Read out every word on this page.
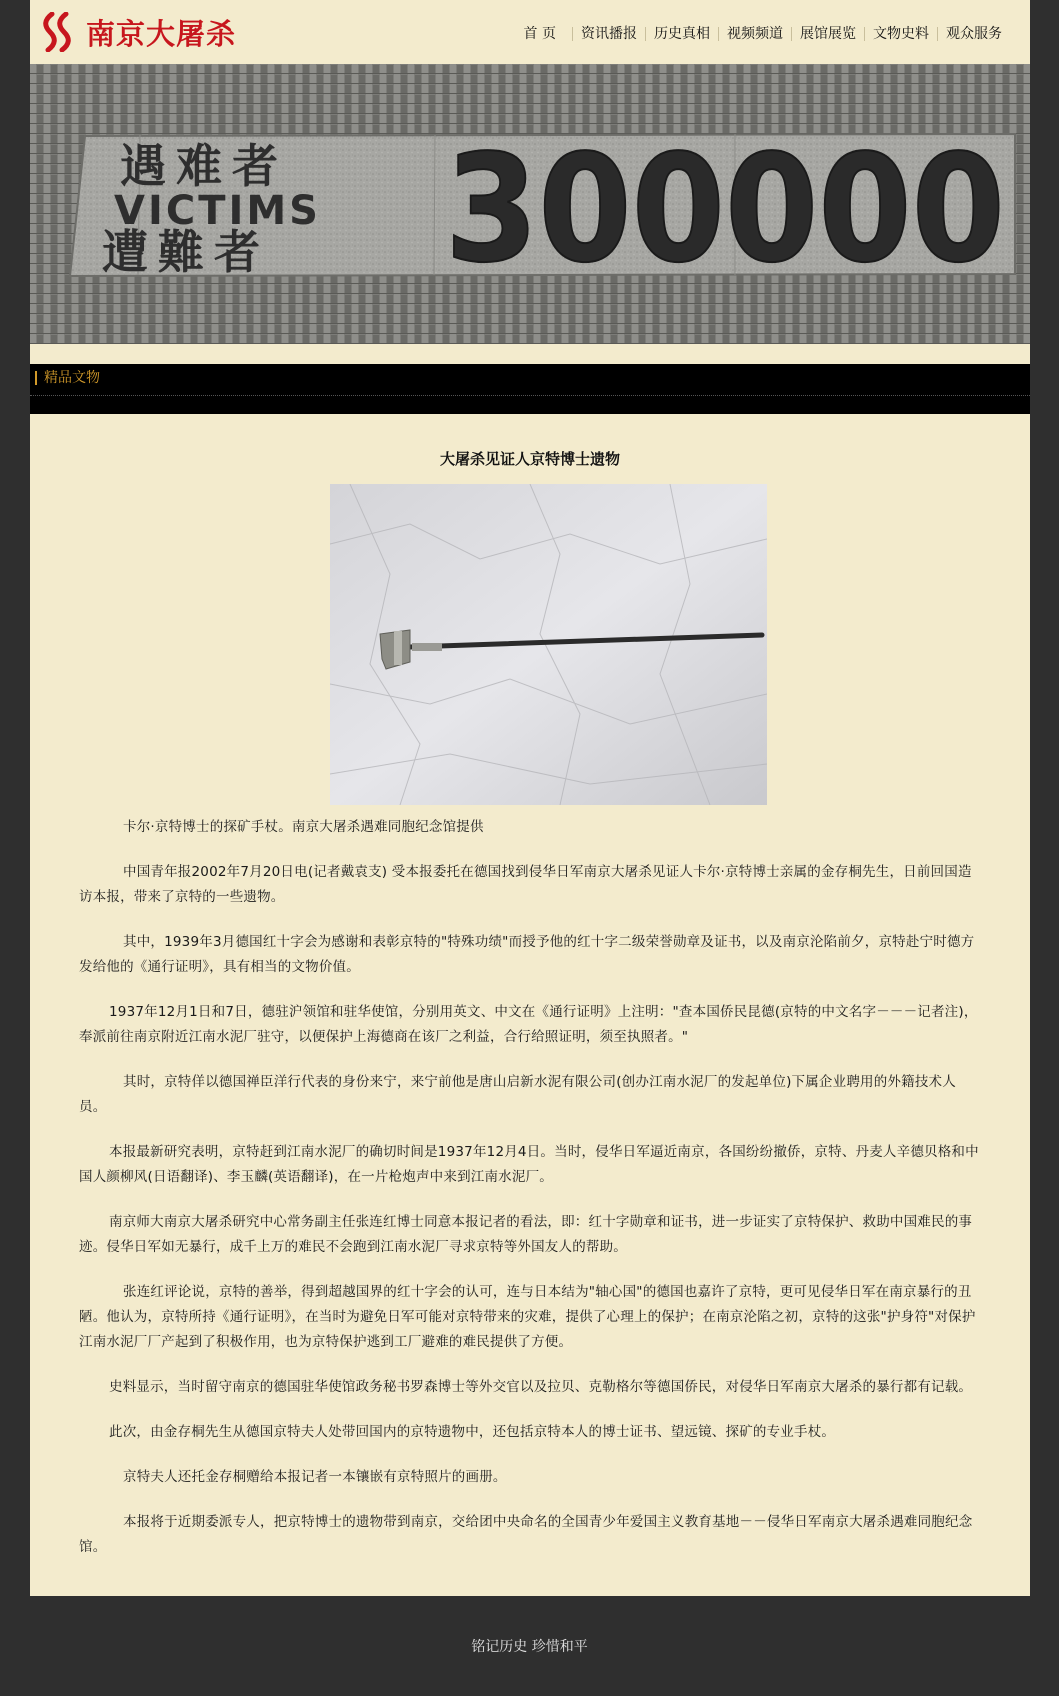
南京大屠杀	首 页	资讯播报	历史真相	视频频道	展馆展览	文物史料	观众服务
遇难者
VICTIMS
遭難者 300000
精品文物
大屠杀见证人京特博士遗物

卡尔·京特博士的探矿手杖。南京大屠杀遇难同胞纪念馆提供

中国青年报2002年7月20日电(记者戴袁支) 受本报委托在德国找到侵华日军南京大屠杀见证人卡尔·京特博士亲属的金存桐先生，日前回国造访本报，带来了京特的一些遗物。

其中，1939年3月德国红十字会为感谢和表彰京特的"特殊功绩"而授予他的红十字二级荣誉勋章及证书，以及南京沦陷前夕，京特赴宁时德方发给他的《通行证明》，具有相当的文物价值。

1937年12月1日和7日，德驻沪领馆和驻华使馆，分别用英文、中文在《通行证明》上注明："查本国侨民昆德(京特的中文名字－－－记者注)，奉派前往南京附近江南水泥厂驻守，以便保护上海德商在该厂之利益，合行给照证明，须至执照者。"

其时，京特佯以德国禅臣洋行代表的身份来宁，来宁前他是唐山启新水泥有限公司(创办江南水泥厂的发起单位)下属企业聘用的外籍技术人员。

本报最新研究表明，京特赶到江南水泥厂的确切时间是1937年12月4日。当时，侵华日军逼近南京，各国纷纷撤侨，京特、丹麦人辛德贝格和中国人颜柳风(日语翻译)、李玉麟(英语翻译)，在一片枪炮声中来到江南水泥厂。

南京师大南京大屠杀研究中心常务副主任张连红博士同意本报记者的看法，即：红十字勋章和证书，进一步证实了京特保护、救助中国难民的事迹。侵华日军如无暴行，成千上万的难民不会跑到江南水泥厂寻求京特等外国友人的帮助。

张连红评论说，京特的善举，得到超越国界的红十字会的认可，连与日本结为"轴心国"的德国也嘉许了京特，更可见侵华日军在南京暴行的丑陋。他认为，京特所持《通行证明》，在当时为避免日军可能对京特带来的灾难，提供了心理上的保护；在南京沦陷之初，京特的这张"护身符"对保护江南水泥厂厂产起到了积极作用，也为京特保护逃到工厂避难的难民提供了方便。

史料显示，当时留守南京的德国驻华使馆政务秘书罗森博士等外交官以及拉贝、克勒格尔等德国侨民，对侵华日军南京大屠杀的暴行都有记载。

此次，由金存桐先生从德国京特夫人处带回国内的京特遗物中，还包括京特本人的博士证书、望远镜、探矿的专业手杖。

京特夫人还托金存桐赠给本报记者一本镶嵌有京特照片的画册。

本报将于近期委派专人，把京特博士的遗物带到南京，交给团中央命名的全国青少年爱国主义教育基地－－侵华日军南京大屠杀遇难同胞纪念馆。

铭记历史 珍惜和平
